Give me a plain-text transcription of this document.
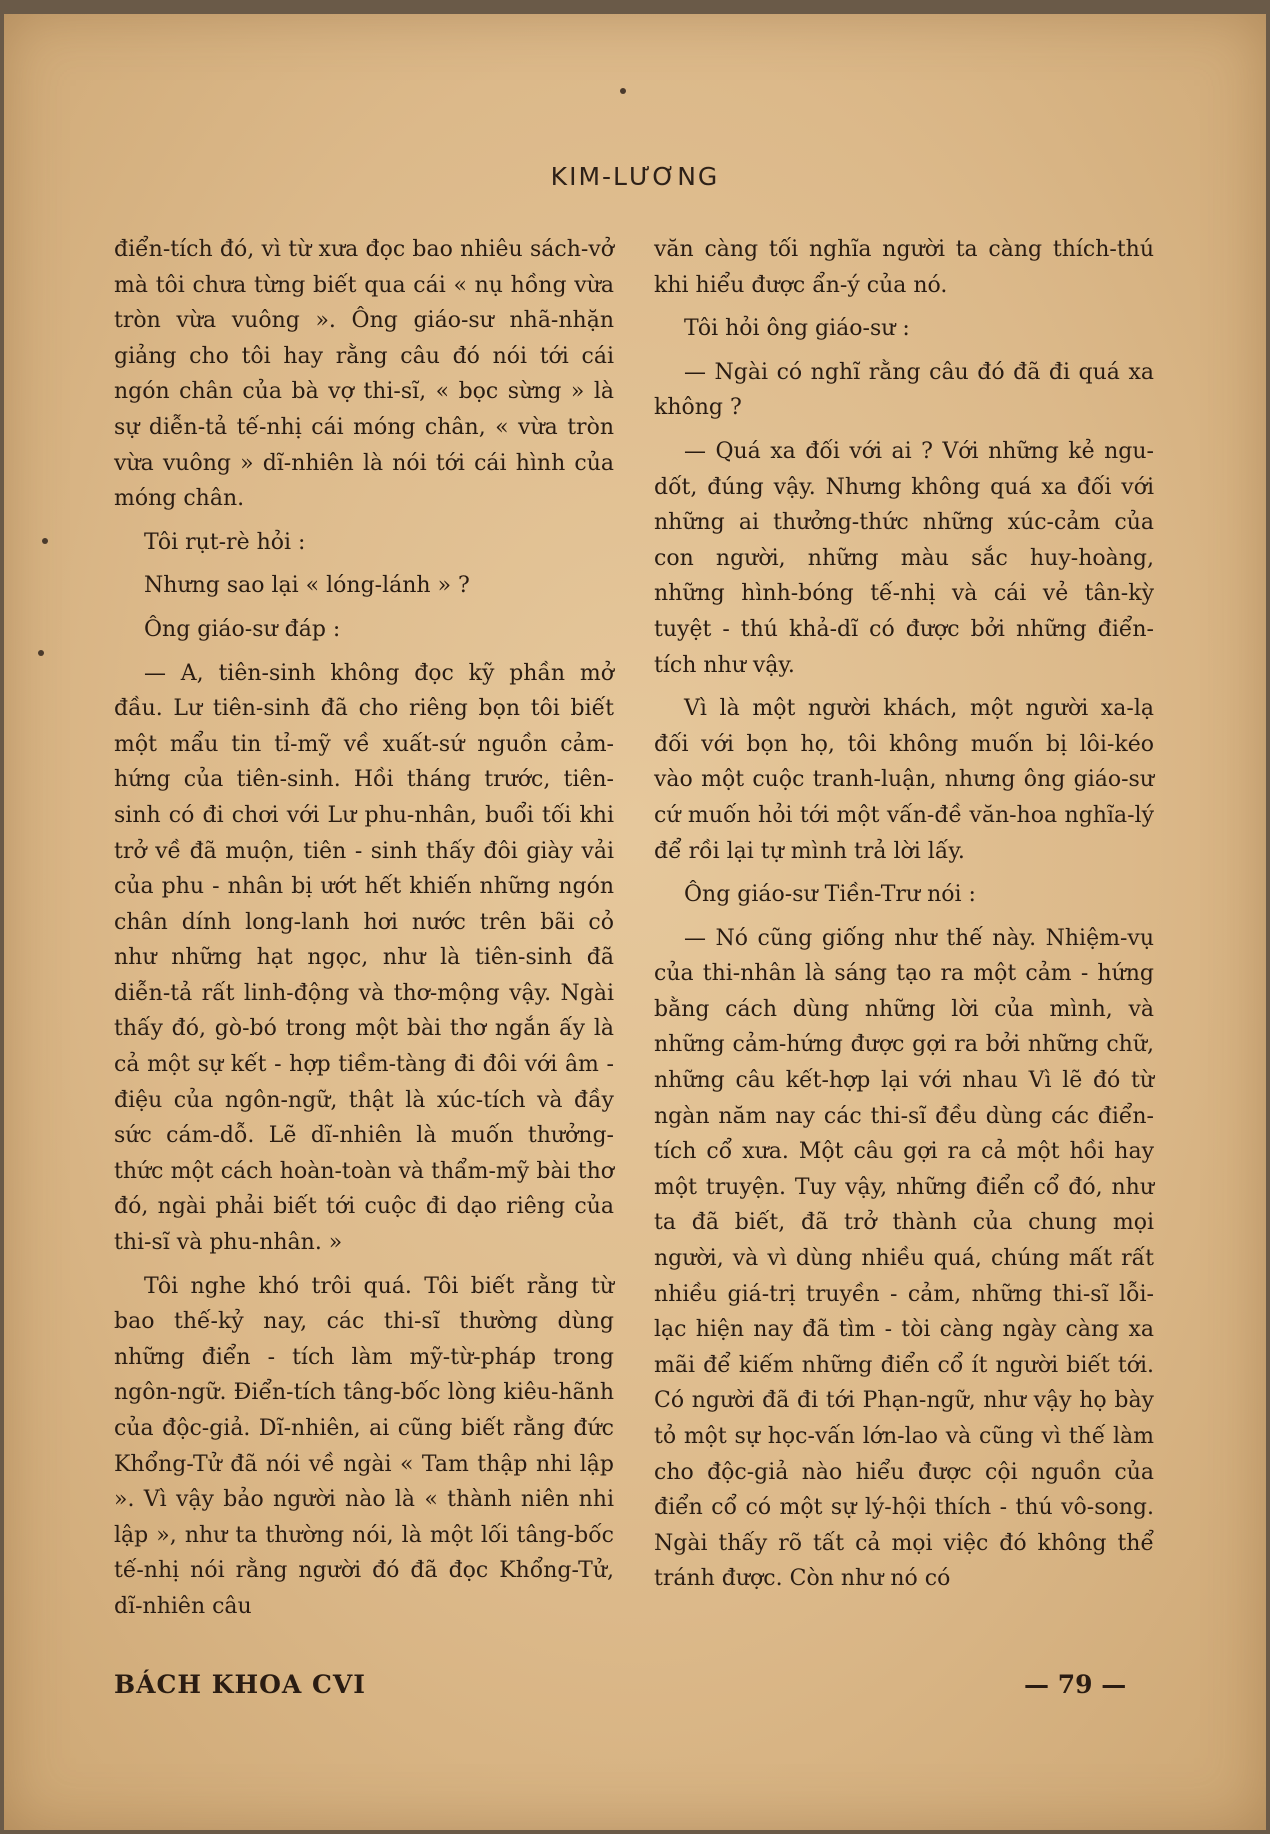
KIM-LƯƠNG

điển-tích đó, vì từ xưa đọc bao nhiêu sách-vở mà tôi chưa từng biết qua cái « nụ hồng vừa tròn vừa vuông ». Ông giáo-sư nhã-nhặn giảng cho tôi hay rằng câu đó nói tới cái ngón chân của bà vợ thi-sĩ, « bọc sừng » là sự diễn-tả tế-nhị cái móng chân, « vừa tròn vừa vuông » dĩ-nhiên là nói tới cái hình của móng chân.

Tôi rụt-rè hỏi :

Nhưng sao lại « lóng-lánh » ?

Ông giáo-sư đáp :

— A, tiên-sinh không đọc kỹ phần mở đầu. Lư tiên-sinh đã cho riêng bọn tôi biết một mẩu tin tỉ-mỹ về xuất-sứ nguồn cảm-hứng của tiên-sinh. Hồi tháng trước, tiên-sinh có đi chơi với Lư phu-nhân, buổi tối khi trở về đã muộn, tiên - sinh thấy đôi giày vải của phu - nhân bị ướt hết khiến những ngón chân dính long-lanh hơi nước trên bãi cỏ như những hạt ngọc, như là tiên-sinh đã diễn-tả rất linh-động và thơ-mộng vậy. Ngài thấy đó, gò-bó trong một bài thơ ngắn ấy là cả một sự kết - hợp tiềm-tàng đi đôi với âm - điệu của ngôn-ngữ, thật là xúc-tích và đầy sức cám-dỗ. Lẽ dĩ-nhiên là muốn thưởng-thức một cách hoàn-toàn và thẩm-mỹ bài thơ đó, ngài phải biết tới cuộc đi dạo riêng của thi-sĩ và phu-nhân. »

Tôi nghe khó trôi quá. Tôi biết rằng từ bao thế-kỷ nay, các thi-sĩ thường dùng những điển - tích làm mỹ-từ-pháp trong ngôn-ngữ. Điển-tích tâng-bốc lòng kiêu-hãnh của độc-giả. Dĩ-nhiên, ai cũng biết rằng đức Khổng-Tử đã nói về ngài « Tam thập nhi lập ». Vì vậy bảo người nào là « thành niên nhi lập », như ta thường nói, là một lối tâng-bốc tế-nhị nói rằng người đó đã đọc Khổng-Tử, dĩ-nhiên câu

văn càng tối nghĩa người ta càng thích-thú khi hiểu được ẩn-ý của nó.

Tôi hỏi ông giáo-sư :

— Ngài có nghĩ rằng câu đó đã đi quá xa không ?

— Quá xa đối với ai ? Với những kẻ ngu-dốt, đúng vậy. Nhưng không quá xa đối với những ai thưởng-thức những xúc-cảm của con người, những màu sắc huy-hoàng, những hình-bóng tế-nhị và cái vẻ tân-kỳ tuyệt - thú khả-dĩ có được bởi những điển-tích như vậy.

Vì là một người khách, một người xa-lạ đối với bọn họ, tôi không muốn bị lôi-kéo vào một cuộc tranh-luận, nhưng ông giáo-sư cứ muốn hỏi tới một vấn-đề văn-hoa nghĩa-lý để rồi lại tự mình trả lời lấy.

Ông giáo-sư Tiền-Trư nói :

— Nó cũng giống như thế này. Nhiệm-vụ của thi-nhân là sáng tạo ra một cảm - hứng bằng cách dùng những lời của mình, và những cảm-hứng được gợi ra bởi những chữ, những câu kết-hợp lại với nhau Vì lẽ đó từ ngàn năm nay các thi-sĩ đều dùng các điển-tích cổ xưa. Một câu gợi ra cả một hồi hay một truyện. Tuy vậy, những điển cổ đó, như ta đã biết, đã trở thành của chung mọi người, và vì dùng nhiều quá, chúng mất rất nhiều giá-trị truyền - cảm, những thi-sĩ lỗi-lạc hiện nay đã tìm - tòi càng ngày càng xa mãi để kiếm những điển cổ ít người biết tới. Có người đã đi tới Phạn-ngữ, như vậy họ bày tỏ một sự học-vấn lớn-lao và cũng vì thế làm cho độc-giả nào hiểu được cội nguồn của điển cổ có một sự lý-hội thích - thú vô-song. Ngài thấy rõ tất cả mọi việc đó không thể tránh được. Còn như nó có

BÁCH KHOA CVI	— 79 —
